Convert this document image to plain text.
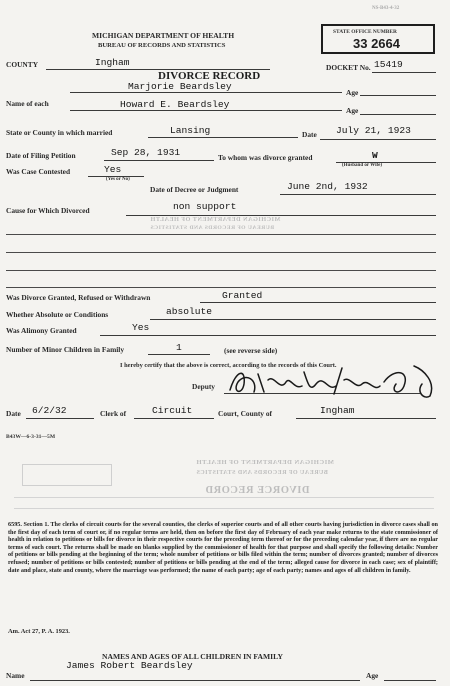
NS-B43-4-32
MICHIGAN DEPARTMENT OF HEALTH
BUREAU OF RECORDS AND STATISTICS
STATE OFFICE NUMBER
33 2664
COUNTY	Ingham
DIVORCE RECORD
DOCKET No. 15419
Marjorie Beardsley
Age
Name of each	Howard E. Beardsley
Age
State or County in which married	Lansing	Date July 21, 1923
Date of Filing Petition	Sep 28, 1931	To whom was divorce granted	W
(Husband or Wife)
Was Case Contested	Yes
(Yes or No)
Date of Decree or Judgment	June 2nd, 1932
Cause for Which Divorced	non support
MICHIGAN DEPARTMENT OF HEALTH
BUREAU OF RECORDS AND STATISTICS
Was Divorce Granted, Refused or Withdrawn	Granted
Whether Absolute or Conditions	absolute
Was Alimony Granted	Yes
Number of Minor Children in Family	1	(see reverse side)
I hereby certify that the above is correct, according to the records of this Court.
Deputy
Date 6/2/32	Clerk of	Circuit	Court, County of	Ingham
B43W—6-3-31—5M
MICHIGAN DEPARTMENT OF HEALTH
BUREAU OF RECORDS AND STATISTICS
DIVORCE RECORD
6595. Section 1. The clerks of circuit courts for the several counties, the clerks of superior courts and of all other courts having jurisdiction in divorce cases shall on the first day of each term of court or, if no regular terms are held, then on before the first day of February of each year make returns to the state commissioner of health in relation to petitions or bills for divorce in their respective courts for the preceding term thereof or for the preceding calendar year, if there are no regular terms of such court. The returns shall be made on blanks supplied by the commissioner of health for that purpose and shall specify the following details: Number of petitions or bills pending at the beginning of the term; whole number of petitions or bills filed within the term; number of divorces granted; number of divorces refused; number of petitions or bills contested; number of petitions or bills pending at the end of the term; alleged cause for divorce in each case; sex of plaintiff; date and place, state and county, where the marriage was performed; the name of each party; age of each party; names and ages of all children in family.
Am. Act 27, P. A. 1923.
NAMES AND AGES OF ALL CHILDREN IN FAMILY
Name
James Robert Beardsley
Age
